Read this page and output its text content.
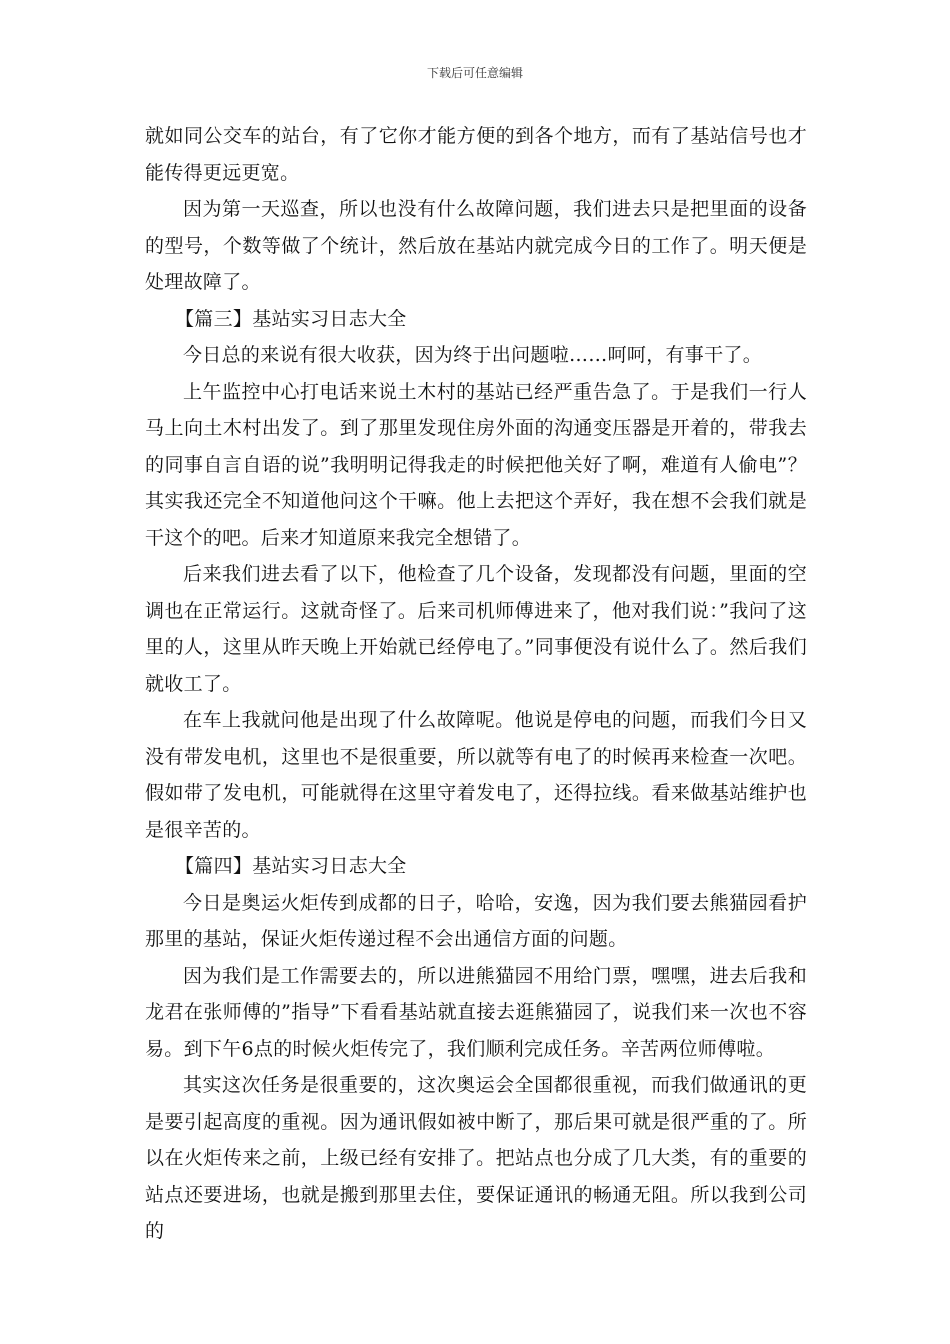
下载后可任意编辑

就如同公交车的站台，有了它你才能方便的到各个地方，而有了基站信号也才能传得更远更宽。

因为第一天巡查，所以也没有什么故障问题，我们进去只是把里面的设备的型号，个数等做了个统计，然后放在基站内就完成今日的工作了。明天便是处理故障了。

【篇三】基站实习日志大全

今日总的来说有很大收获，因为终于出问题啦……呵呵，有事干了。

上午监控中心打电话来说土木村的基站已经严重告急了。于是我们一行人马上向土木村出发了。到了那里发现住房外面的沟通变压器是开着的，带我去的同事自言自语的说”我明明记得我走的时候把他关好了啊，难道有人偷电”？其实我还完全不知道他问这个干嘛。他上去把这个弄好，我在想不会我们就是干这个的吧。后来才知道原来我完全想错了。

后来我们进去看了以下，他检查了几个设备，发现都没有问题，里面的空调也在正常运行。这就奇怪了。后来司机师傅进来了，他对我们说：”我问了这里的人，这里从昨天晚上开始就已经停电了。”同事便没有说什么了。然后我们就收工了。

在车上我就问他是出现了什么故障呢。他说是停电的问题，而我们今日又没有带发电机，这里也不是很重要，所以就等有电了的时候再来检查一次吧。假如带了发电机，可能就得在这里守着发电了，还得拉线。看来做基站维护也是很辛苦的。

【篇四】基站实习日志大全

今日是奥运火炬传到成都的日子，哈哈，安逸，因为我们要去熊猫园看护那里的基站，保证火炬传递过程不会出通信方面的问题。

因为我们是工作需要去的，所以进熊猫园不用给门票，嘿嘿，进去后我和龙君在张师傅的”指导”下看看基站就直接去逛熊猫园了，说我们来一次也不容易。到下午6点的时候火炬传完了，我们顺利完成任务。辛苦两位师傅啦。

其实这次任务是很重要的，这次奥运会全国都很重视，而我们做通讯的更是要引起高度的重视。因为通讯假如被中断了，那后果可就是很严重的了。所以在火炬传来之前，上级已经有安排了。把站点也分成了几大类，有的重要的站点还要进场，也就是搬到那里去住，要保证通讯的畅通无阻。所以我到公司的
